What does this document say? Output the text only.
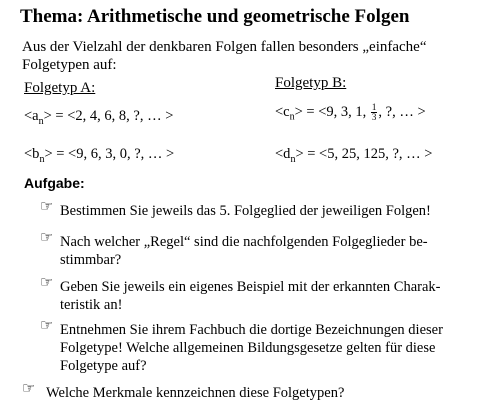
Thema: Arithmetische und geometrische Folgen
Aus der Vielzahl der denkbaren Folgen fallen besonders „einfache“ Folgetypen auf:
Folgetyp A:
$<a_n> = <2$, 4, 6, 8, ?, … >
$<b_n> = <9$, 6, 3, 0, ?, … >
Folgetyp B:
$<c_n> = <9$, 3, 1, $\frac{1}{3}$ , ?, … >
$<d_n> = <5$, 25, 125, ?, … >
Aufgabe:
☞ Bestimmen Sie jeweils das 5. Folgeglied der jeweiligen Folgen!
☞ Nach welcher „Regel“ sind die nachfolgenden Folgeglieder be-
stimmbar?
☞ Geben Sie jeweils ein eigenes Beispiel mit der erkannten Charak-
teristik an!
☞ Entnehmen Sie ihrem Fachbuch die dortige Bezeichnungen dieser
Folgetype! Welche allgemeinen Bildungsgesetze gelten für diese
Folgetype auf?
☞ Welche Merkmale kennzeichnen diese Folgetypen?
